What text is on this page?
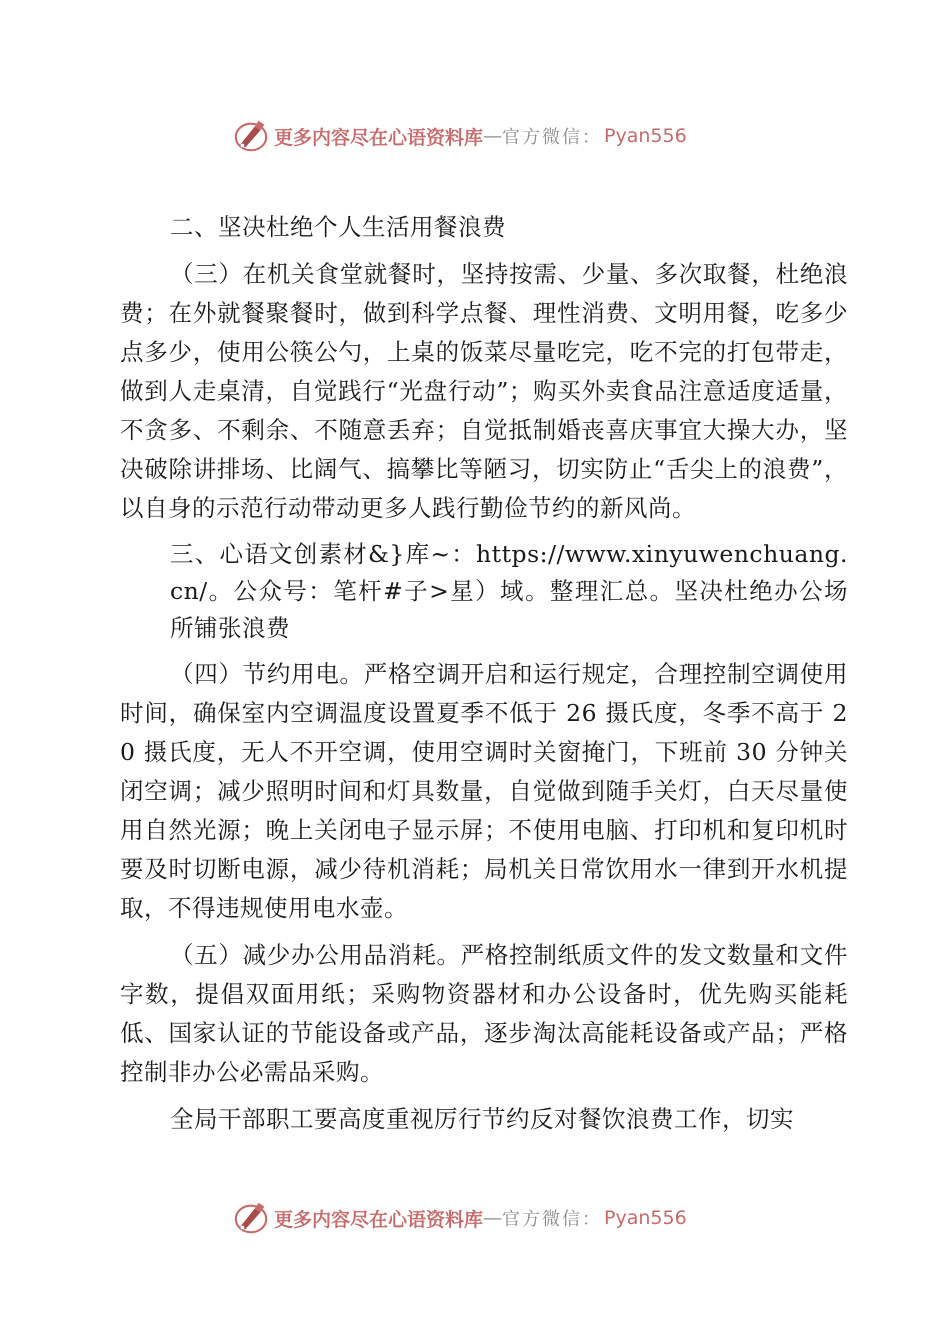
更多内容尽在心语资料库 — 官方微信： Pyan556

二、坚决杜绝个人生活用餐浪费

（三）在机关食堂就餐时，坚持按需、少量、多次取餐，杜绝浪费；在外就餐聚餐时，做到科学点餐、理性消费、文明用餐，吃多少点多少，使用公筷公勺，上桌的饭菜尽量吃完，吃不完的打包带走，做到人走桌清，自觉践行“光盘行动”；购买外卖食品注意适度适量，不贪多、不剩余、不随意丢弃；自觉抵制婚丧喜庆事宜大操大办，坚决破除讲排场、比阔气、搞攀比等陋习，切实防止“舌尖上的浪费”，以自身的示范行动带动更多人践行勤俭节约的新风尚。

三、心语文创素材&}库~：https://www.xinyuwenchuang.cn/。公众号：笔杆#子>星）域。整理汇总。坚决杜绝办公场所铺张浪费

（四）节约用电。严格空调开启和运行规定，合理控制空调使用时间，确保室内空调温度设置夏季不低于 26 摄氏度，冬季不高于 20 摄氏度，无人不开空调，使用空调时关窗掩门，下班前 30 分钟关闭空调；减少照明时间和灯具数量，自觉做到随手关灯，白天尽量使用自然光源；晚上关闭电子显示屏；不使用电脑、打印机和复印机时要及时切断电源，减少待机消耗；局机关日常饮用水一律到开水机提取，不得违规使用电水壶。

（五）减少办公用品消耗。严格控制纸质文件的发文数量和文件字数，提倡双面用纸；采购物资器材和办公设备时，优先购买能耗低、国家认证的节能设备或产品，逐步淘汰高能耗设备或产品；严格控制非办公必需品采购。

全局干部职工要高度重视厉行节约反对餐饮浪费工作，切实

更多内容尽在心语资料库 — 官方微信： Pyan556
